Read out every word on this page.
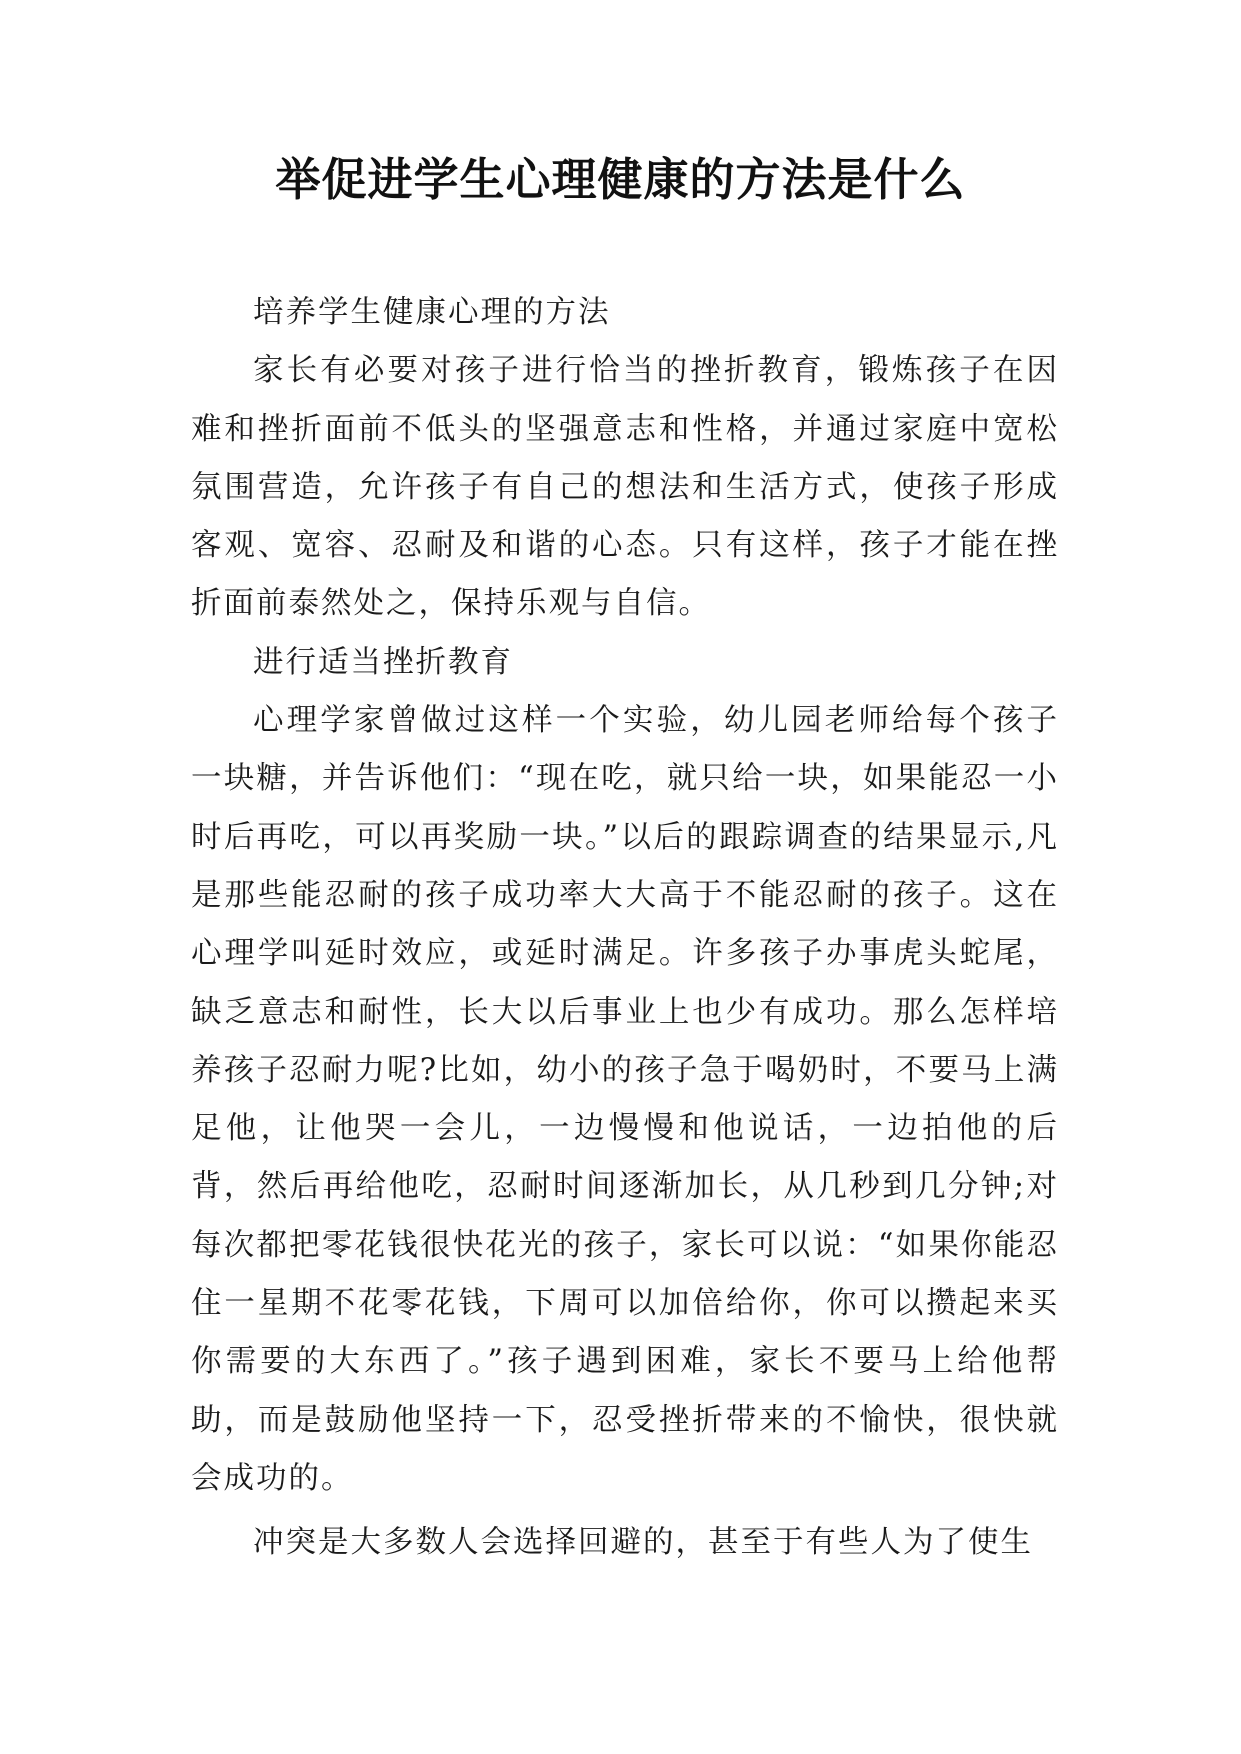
举促进学生心理健康的方法是什么

培养学生健康心理的方法

家长有必要对孩子进行恰当的挫折教育，锻炼孩子在因难和挫折面前不低头的坚强意志和性格，并通过家庭中宽松氛围营造，允许孩子有自己的想法和生活方式，使孩子形成客观、宽容、忍耐及和谐的心态。只有这样，孩子才能在挫折面前泰然处之，保持乐观与自信。

进行适当挫折教育

心理学家曾做过这样一个实验，幼儿园老师给每个孩子一块糖，并告诉他们：“现在吃，就只给一块，如果能忍一小时后再吃，可以再奖励一块。”以后的跟踪调查的结果显示,凡是那些能忍耐的孩子成功率大大高于不能忍耐的孩子。这在心理学叫延时效应，或延时满足。许多孩子办事虎头蛇尾，缺乏意志和耐性，长大以后事业上也少有成功。那么怎样培养孩子忍耐力呢?比如，幼小的孩子急于喝奶时，不要马上满足他，让他哭一会儿，一边慢慢和他说话，一边拍他的后背，然后再给他吃，忍耐时间逐渐加长，从几秒到几分钟;对每次都把零花钱很快花光的孩子，家长可以说：“如果你能忍住一星期不花零花钱，下周可以加倍给你，你可以攒起来买你需要的大东西了。”孩子遇到困难，家长不要马上给他帮助，而是鼓励他坚持一下，忍受挫折带来的不愉快，很快就会成功的。

冲突是大多数人会选择回避的，甚至于有些人为了使生
